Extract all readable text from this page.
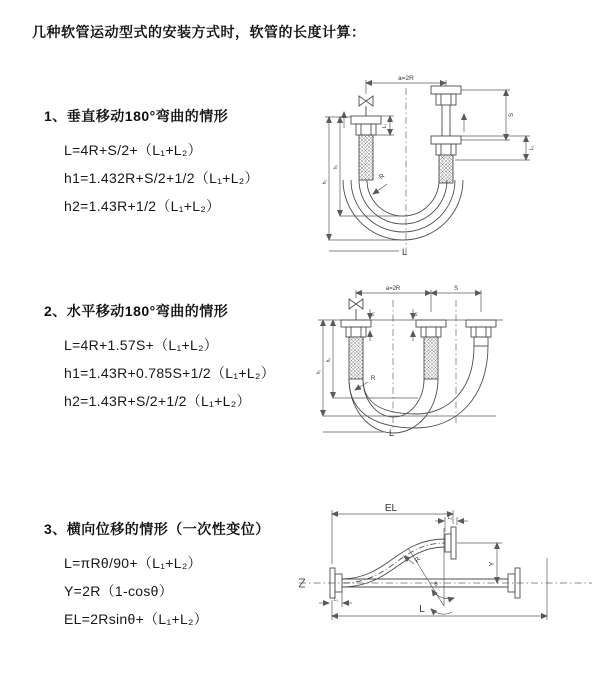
几种软管运动型式的安装方式时，软管的长度计算：
1、垂直移动180°弯曲的情形
L=4R+S/2+（L₁+L₂）
h1=1.432R+S/2+1/2（L₁+L₂）
h2=1.43R+1/2（L₁+L₂）
2、水平移动180°弯曲的情形
L=4R+1.57S+（L₁+L₂）
h1=1.43R+0.785S+1/2（L₁+L₂）
h2=1.43R+S/2+1/2（L₁+L₂）
3、横向位移的情形（一次性变位）
L=πRθ/90+（L₁+L₂）
Y=2R（1-cosθ）
EL=2Rsinθ+（L₁+L₂）
a=2R
L₁
S
L₂
R
h₁
h₂
L
a=2R	S
L₁	L₂
R
h₁
h₂
L
EL
L₂
Y
θ
R
L₁
L
